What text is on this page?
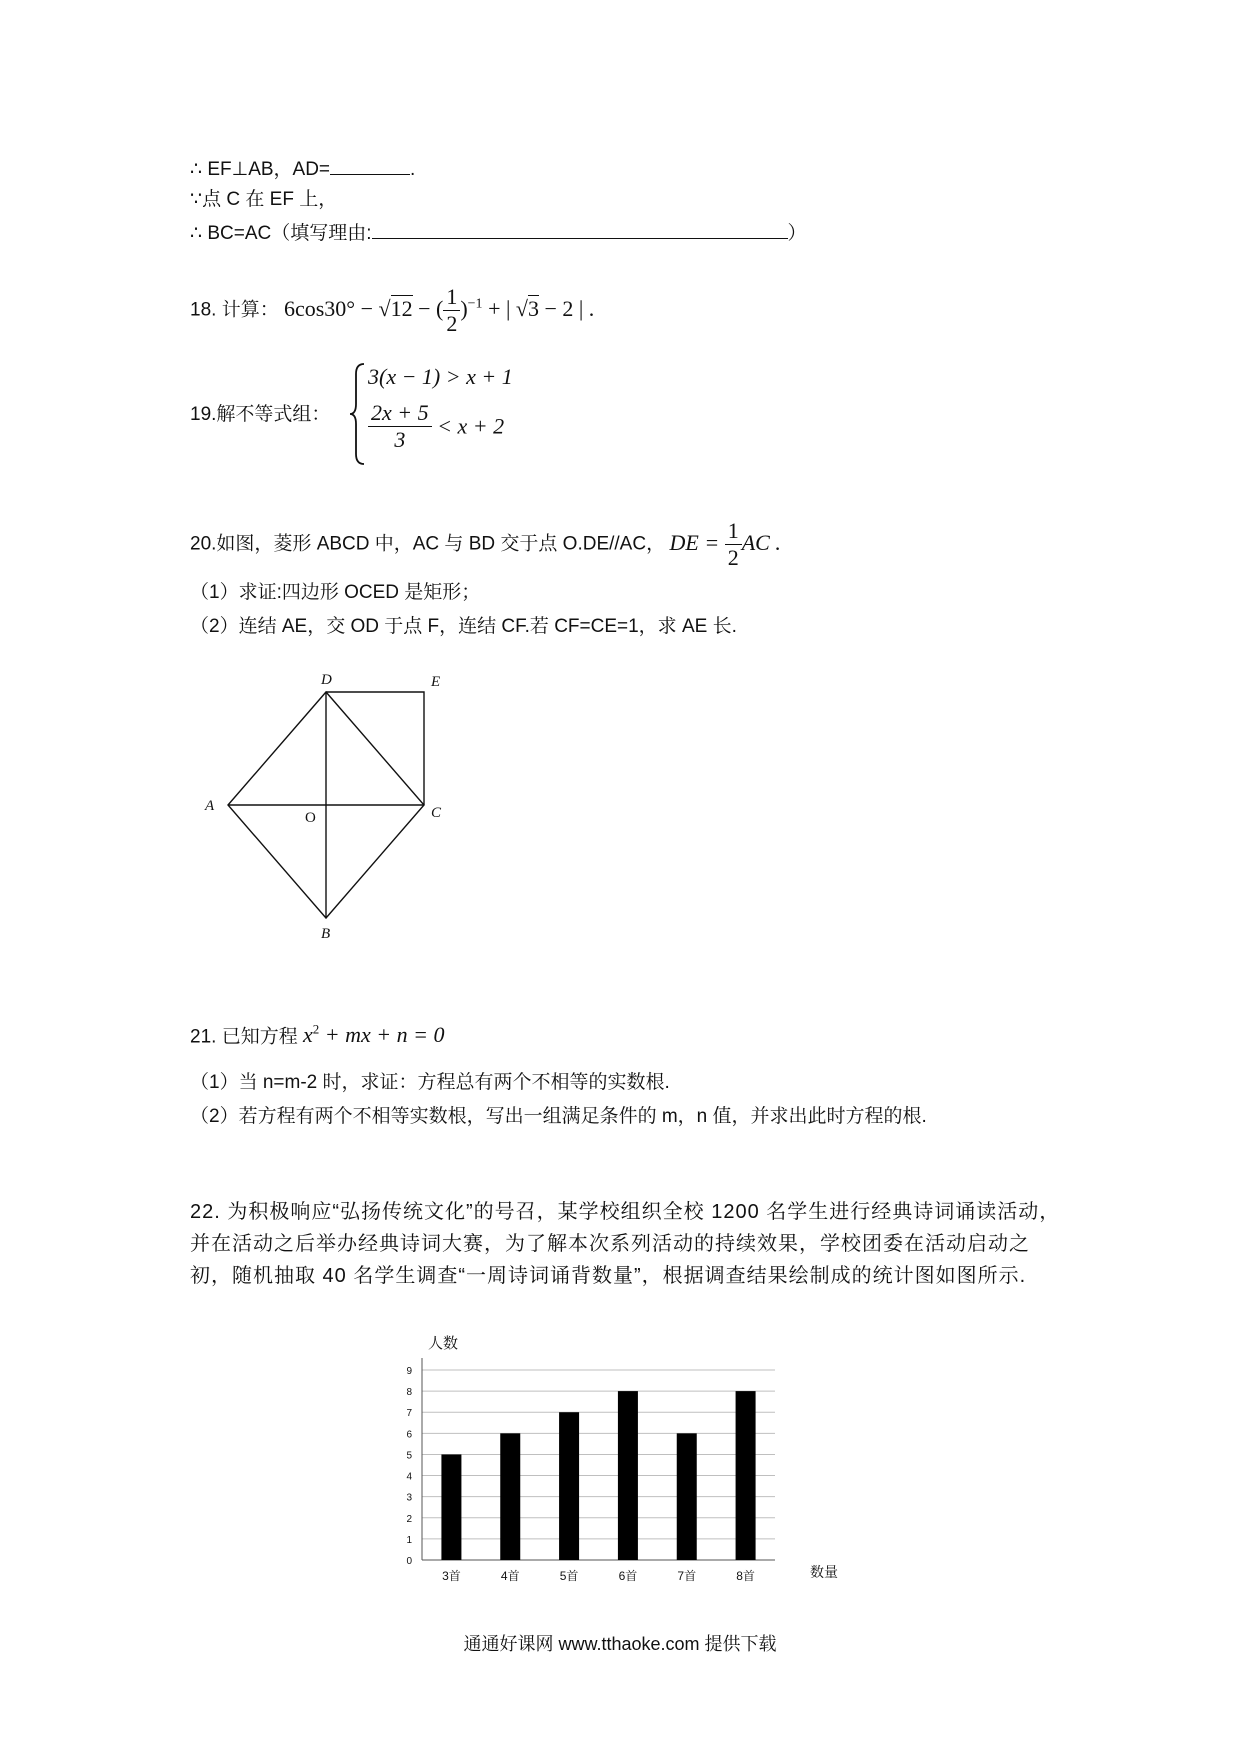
∴ EF⊥AB，AD=	.
∵点 C 在 EF 上，
∴ BC=AC（填写理由:	）
18. 计算： 6cos30° − √12 − ( $\frac{1}{2} )^{-1}$ + | √3 − 2 | .
19.解不等式组：
3(x − 1) > x + 1
$\frac{2x + 5}{3} < x + 2$
20.如图，菱形 ABCD 中，AC 与 BD 交于点 O.DE//AC， DE = $\frac{1}{2}$ AC .
（1）求证:四边形 OCED 是矩形；
（2）连结 AE，交 OD 于点 F，连结 CF.若 CF=CE=1，求 AE 长.
D	E
A
O	C
B
21. 已知方程 $x^2$ + mx + n = 0
（1）当 n=m-2 时，求证：方程总有两个不相等的实数根.
（2）若方程有两个不相等实数根，写出一组满足条件的 m，n 值，并求出此时方程的根.
22. 为积极响应“弘扬传统文化”的号召，某学校组织全校 1200 名学生进行经典诗词诵读活动，并在活动之后举办经典诗词大赛，为了解本次系列活动的持续效果，学校团委在活动启动之初，随机抽取 40 名学生调查“一周诗词诵背数量”，根据调查结果绘制成的统计图如图所示.
人数
数量
0
1
2
3
4
5
6
7
8
9
3首	4首	5首	6首	7首	8首
通通好课网 www.tthaoke.com 提供下载
